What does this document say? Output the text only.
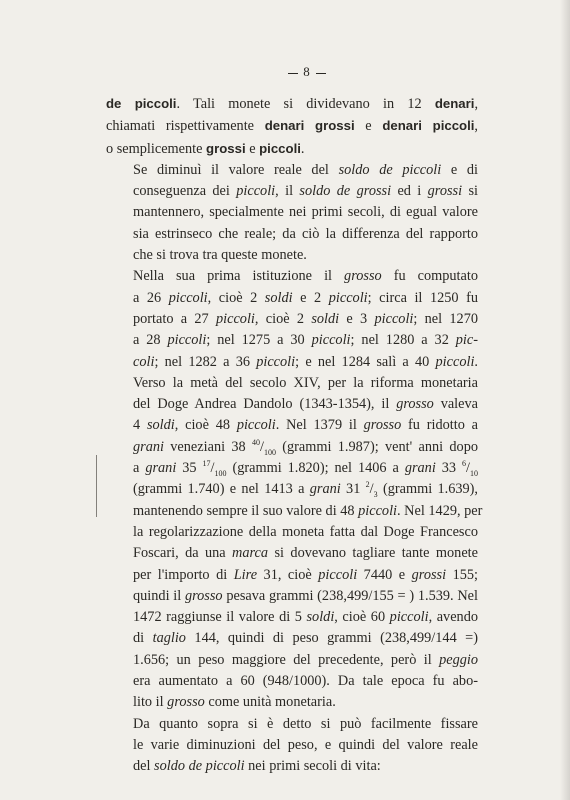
8
de piccoli. Tali monete si dividevano in 12 denari,
chiamati rispettivamente denari grossi e denari piccoli,
o semplicemente grossi e piccoli.
Se diminuì il valore reale del soldo de piccoli e di
conseguenza dei piccoli, il soldo de grossi ed i grossi si
mantennero, specialmente nei primi secoli, di egual valore
sia estrinseco che reale; da ciò la differenza del rapporto
che si trova tra queste monete.
Nella sua prima istituzione il grosso fu computato
a 26 piccoli, cioè 2 soldi e 2 piccoli; circa il 1250 fu
portato a 27 piccoli, cioè 2 soldi e 3 piccoli; nel 1270
a 28 piccoli; nel 1275 a 30 piccoli; nel 1280 a 32 pic-
coli; nel 1282 a 36 piccoli; e nel 1284 salì a 40 piccoli.
Verso la metà del secolo XIV, per la riforma monetaria
del Doge Andrea Dandolo (1343-1354), il grosso valeva
4 soldi, cioè 48 piccoli. Nel 1379 il grosso fu ridotto a
grani veneziani 38 $^{40}/_{100}$ (grammi 1.987); vent' anni dopo
a grani 35 $^{17}/_{100}$ (grammi 1.820); nel 1406 a grani 33 $^6/_{10}$
(grammi 1.740) e nel 1413 a grani 31 $^2/_3$ (grammi 1.639),
mantenendo sempre il suo valore di 48 piccoli. Nel 1429, per
la regolarizzazione della moneta fatta dal Doge Francesco
Foscari, da una marca si dovevano tagliare tante monete
per l'importo di Lire 31, cioè piccoli 7440 e grossi 155;
quindi il grosso pesava grammi (238,499/155 = ) 1.539. Nel
1472 raggiunse il valore di 5 soldi, cioè 60 piccoli, avendo
di taglio 144, quindi di peso grammi (238,499/144 =)
1.656; un peso maggiore del precedente, però il peggio
era aumentato a 60 (948/1000). Da tale epoca fu abo-
lito il grosso come unità monetaria.
Da quanto sopra si è detto si può facilmente fissare
le varie diminuzioni del peso, e quindi del valore reale
del soldo de piccoli nei primi secoli di vita:
